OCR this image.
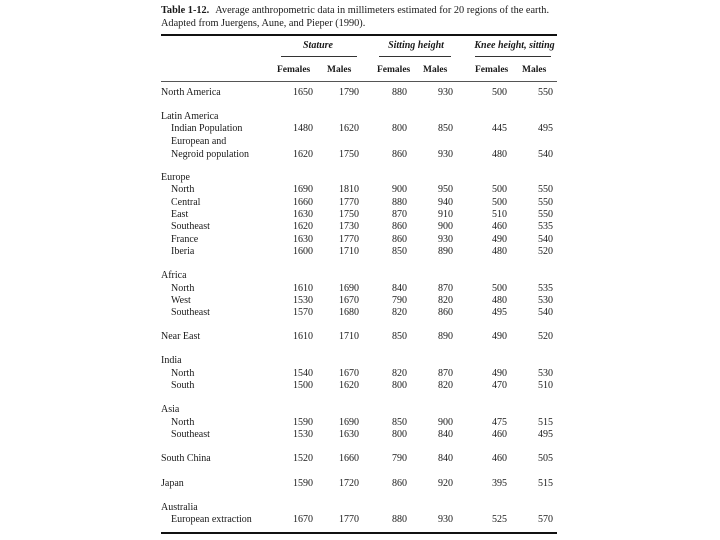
Table 1-12. Average anthropometric data in millimeters estimated for 20 regions of the earth. Adapted from Juergens, Aune, and Pieper (1990).

Stature	Sitting height	Knee height, sitting
Females Males	Females Males	Females Males
North America	1650	1790	880	930	500	550
Latin America
Indian Population	1480	1620	800	850	445	495
European and
Negroid population	1620	1750	860	930	480	540
Europe
North	1690	1810	900	950	500	550
Central	1660	1770	880	940	500	550
East	1630	1750	870	910	510	550
Southeast	1620	1730	860	900	460	535
France	1630	1770	860	930	490	540
Iberia	1600	1710	850	890	480	520
Africa
North	1610	1690	840	870	500	535
West	1530	1670	790	820	480	530
Southeast	1570	1680	820	860	495	540
Near East	1610	1710	850	890	490	520
India
North	1540	1670	820	870	490	530
South	1500	1620	800	820	470	510
Asia
North	1590	1690	850	900	475	515
Southeast	1530	1630	800	840	460	495
South China	1520	1660	790	840	460	505
Japan	1590	1720	860	920	395	515
Australia
European extraction	1670	1770	880	930	525	570
